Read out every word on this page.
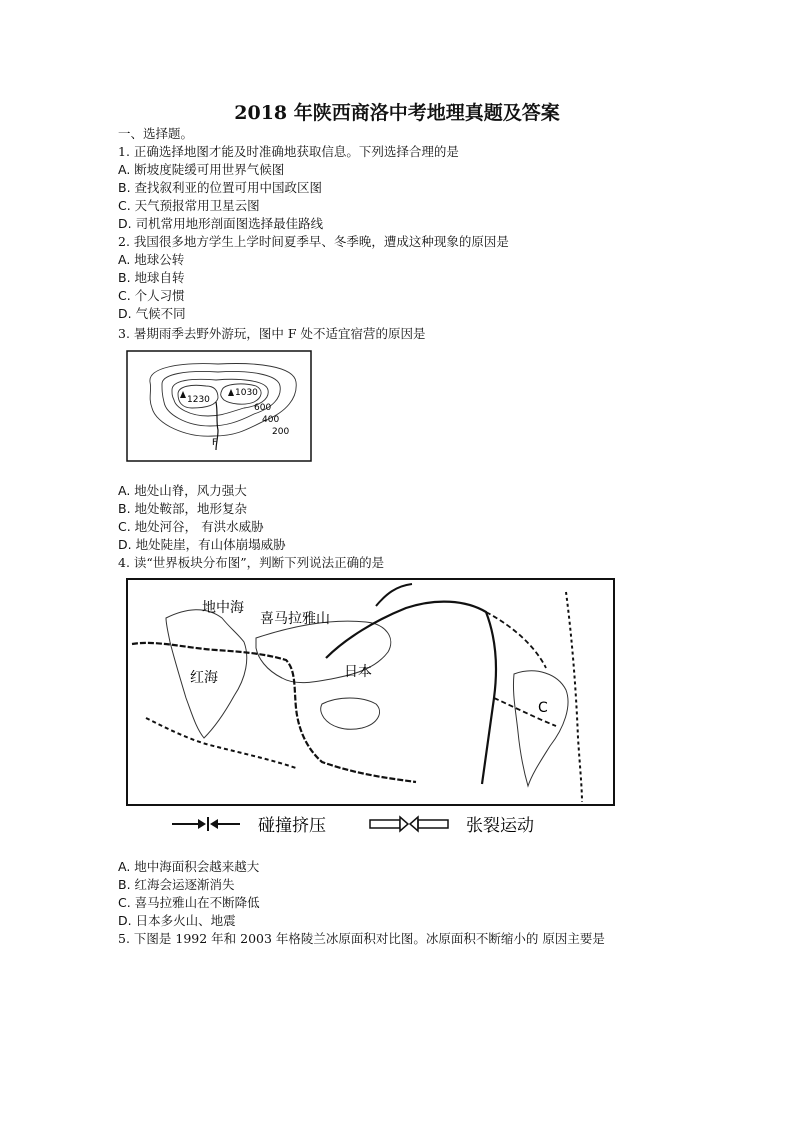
2018 年陕西商洛中考地理真题及答案
一、选择题。
1. 正确选择地图才能及时准确地获取信息。下列选择合理的是
A. 断坡度陡缓可用世界气候图
B. 查找叙利亚的位置可用中国政区图
C. 天气预报常用卫星云图
D. 司机常用地形剖面图选择最佳路线
2. 我国很多地方学生上学时间夏季早、冬季晚，遭成这种现象的原因是
A. 地球公转
B. 地球自转
C. 个人习惯
D. 气候不同
3. 暑期雨季去野外游玩，图中 F 处不适宜宿营的原因是
1230
1030
600
400
200
F
A. 地处山脊，风力强大
B. 地处鞍部，地形复杂
C. 地处河谷， 有洪水威胁
D. 地处陡崖，有山体崩塌威胁
4. 读“世界板块分布图”，判断下列说法正确的是
地中海
喜马拉雅山
红海	日本
C
碰撞挤压	张裂运动
A. 地中海面积会越来越大
B. 红海会运逐渐消失
C. 喜马拉雅山在不断降低
D. 日本多火山、地震
5. 下图是 1992 年和 2003 年格陵兰冰原面积对比图。冰原面积不断缩小的 原因主要是
